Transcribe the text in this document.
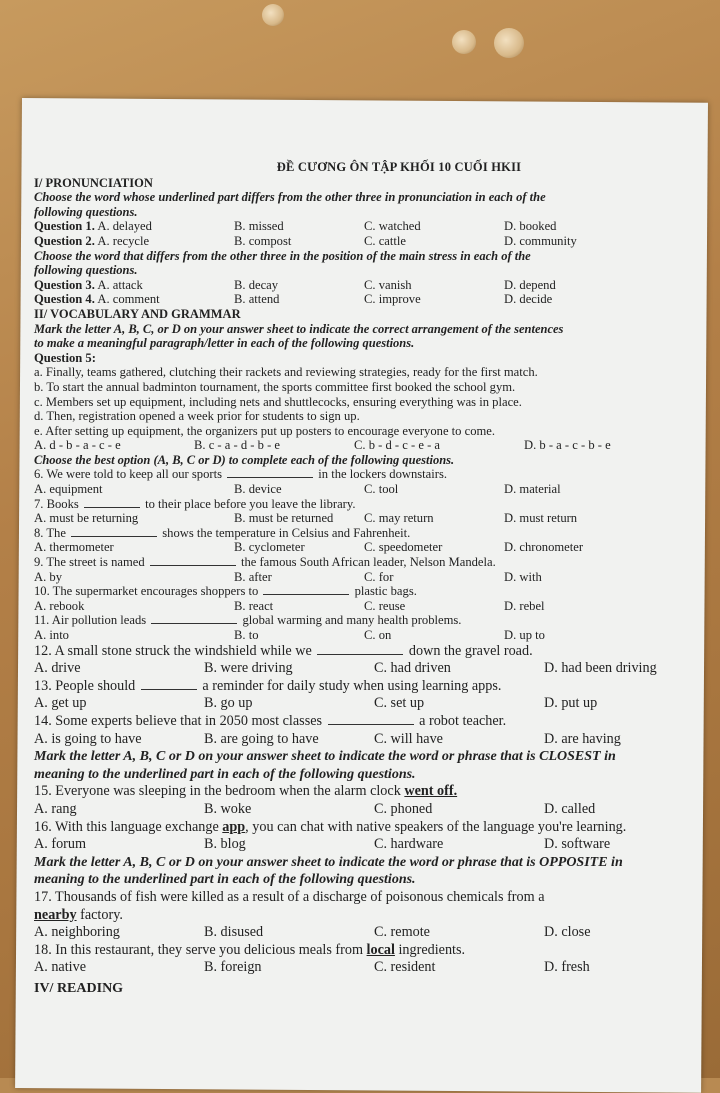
ĐỀ CƯƠNG ÔN TẬP KHỐI 10 CUỐI HKII
I/ PRONUNCIATION
Choose the word whose underlined part differs from the other three in pronunciation in each of the
following questions.
Question 1. A. delayed	B. missed	C. watched	D. booked
Question 2. A. recycle	B. compost	C. cattle	D. community
Choose the word that differs from the other three in the position of the main stress in each of the
following questions.
Question 3. A. attack	B. decay	C. vanish	D. depend
Question 4. A. comment	B. attend	C. improve	D. decide
II/ VOCABULARY AND GRAMMAR
Mark the letter A, B, C, or D on your answer sheet to indicate the correct arrangement of the sentences
to make a meaningful paragraph/letter in each of the following questions.
Question 5:
a. Finally, teams gathered, clutching their rackets and reviewing strategies, ready for the first match.
b. To start the annual badminton tournament, the sports committee first booked the school gym.
c. Members set up equipment, including nets and shuttlecocks, ensuring everything was in place.
d. Then, registration opened a week prior for students to sign up.
e. After setting up equipment, the organizers put up posters to encourage everyone to come.
A. d - b - a - c - e	B. c - a - d - b - e	C. b - d - c - e - a	D. b - a - c - b - e
Choose the best option (A, B, C or D) to complete each of the following questions.
6. We were told to keep all our sports	in the lockers downstairs.
A. equipment	B. device	C. tool	D. material
7. Books	to their place before you leave the library.
A. must be returning	B. must be returned	C. may return	D. must return
8. The	shows the temperature in Celsius and Fahrenheit.
A. thermometer	B. cyclometer	C. speedometer	D. chronometer
9. The street is named	the famous South African leader, Nelson Mandela.
A. by	B. after	C. for	D. with
10. The supermarket encourages shoppers to	plastic bags.
A. rebook	B. react	C. reuse	D. rebel
11. Air pollution leads	global warming and many health problems.
A. into	B. to	C. on	D. up to
12. A small stone struck the windshield while we	down the gravel road.
A. drive	B. were driving	C. had driven	D. had been driving
13. People should	a reminder for daily study when using learning apps.
A. get up	B. go up	C. set up	D. put up
14. Some experts believe that in 2050 most classes	a robot teacher.
A. is going to have	B. are going to have	C. will have	D. are having
Mark the letter A, B, C or D on your answer sheet to indicate the word or phrase that is CLOSEST in
meaning to the underlined part in each of the following questions.
15. Everyone was sleeping in the bedroom when the alarm clock went off.
A. rang	B. woke	C. phoned	D. called
16. With this language exchange app, you can chat with native speakers of the language you're learning.
A. forum	B. blog	C. hardware	D. software
Mark the letter A, B, C or D on your answer sheet to indicate the word or phrase that is OPPOSITE in
meaning to the underlined part in each of the following questions.
17. Thousands of fish were killed as a result of a discharge of poisonous chemicals from a
nearby factory.
A. neighboring	B. disused	C. remote	D. close
18. In this restaurant, they serve you delicious meals from local ingredients.
A. native	B. foreign	C. resident	D. fresh
IV/ READING
